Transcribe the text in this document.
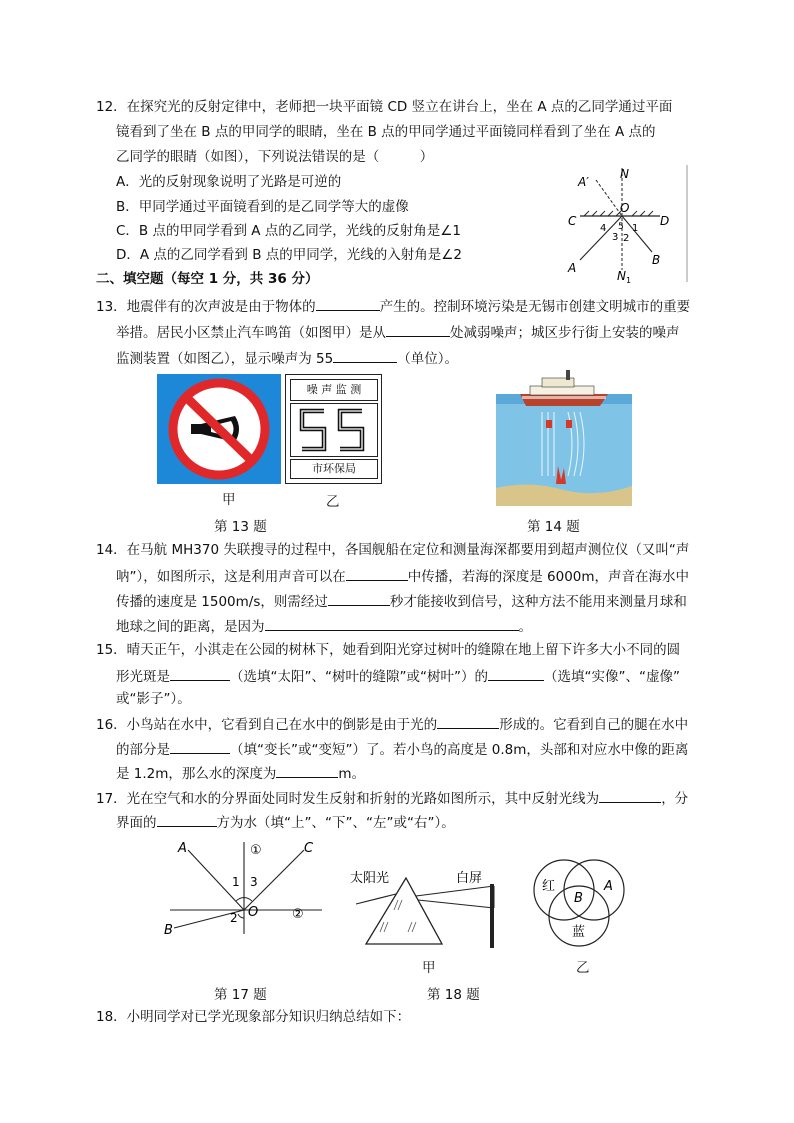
12．在探究光的反射定律中，老师把一块平面镜 CD 竖立在讲台上，坐在 A 点的乙同学通过平面
镜看到了坐在 B 点的甲同学的眼睛，坐在 B 点的甲同学通过平面镜同样看到了坐在 A 点的
乙同学的眼睛（如图），下列说法错误的是（　　　）
A．光的反射现象说明了光路是可逆的
B．甲同学通过平面镜看到的是乙同学等大的虚像
C．B 点的甲同学看到 A 点的乙同学，光线的反射角是∠1
D．A 点的乙同学看到 B 点的甲同学，光线的入射角是∠2
A′
N
C
O
D
A
B
N 1
4 5
3 2
1
二、填空题（每空 1 分，共 36 分）
13．地震伴有的次声波是由于物体的	产生的。控制环境污染是无锡市创建文明城市的重要
举措。居民小区禁止汽车鸣笛（如图甲）是从	处减弱噪声；城区步行街上安装的噪声
监测装置（如图乙），显示噪声为 55	（单位）。
噪 声 监 测
市环保局
甲	乙
第 13 题	第 14 题
14．在马航 MH370 失联搜寻的过程中，各国舰船在定位和测量海深都要用到超声测位仪（又叫“声
呐”），如图所示，这是利用声音可以在	中传播，若海的深度是 6000m，声音在海水中
传播的速度是 1500m/s，则需经过	秒才能接收到信号，这种方法不能用来测量月球和
地球之间的距离，是因为	。
15．晴天正午，小淇走在公园的树林下，她看到阳光穿过树叶的缝隙在地上留下许多大小不同的圆
形光斑是	（选填“太阳”、“树叶的缝隙”或“树叶”）的	（选填“实像”、“虚像”
或“影子”）。
16．小鸟站在水中，它看到自己在水中的倒影是由于光的	形成的。它看到自己的腿在水中
的部分是	（填“变长”或“变短”）了。若小鸟的高度是 0.8m，头部和对应水中像的距离
是 1.2m，那么水的深度为	m。
17．光在空气和水的分界面处同时发生反射和折射的光路如图所示，其中反射光线为	，分
界面的	方为水（填“上”、“下”、“左”或“右”）。
A	C
B
O
1 3
2
①
②
第 17 题
太阳光	白屏
甲
红	A
B
蓝
乙
第 18 题
18．小明同学对已学光现象部分知识归纳总结如下：
